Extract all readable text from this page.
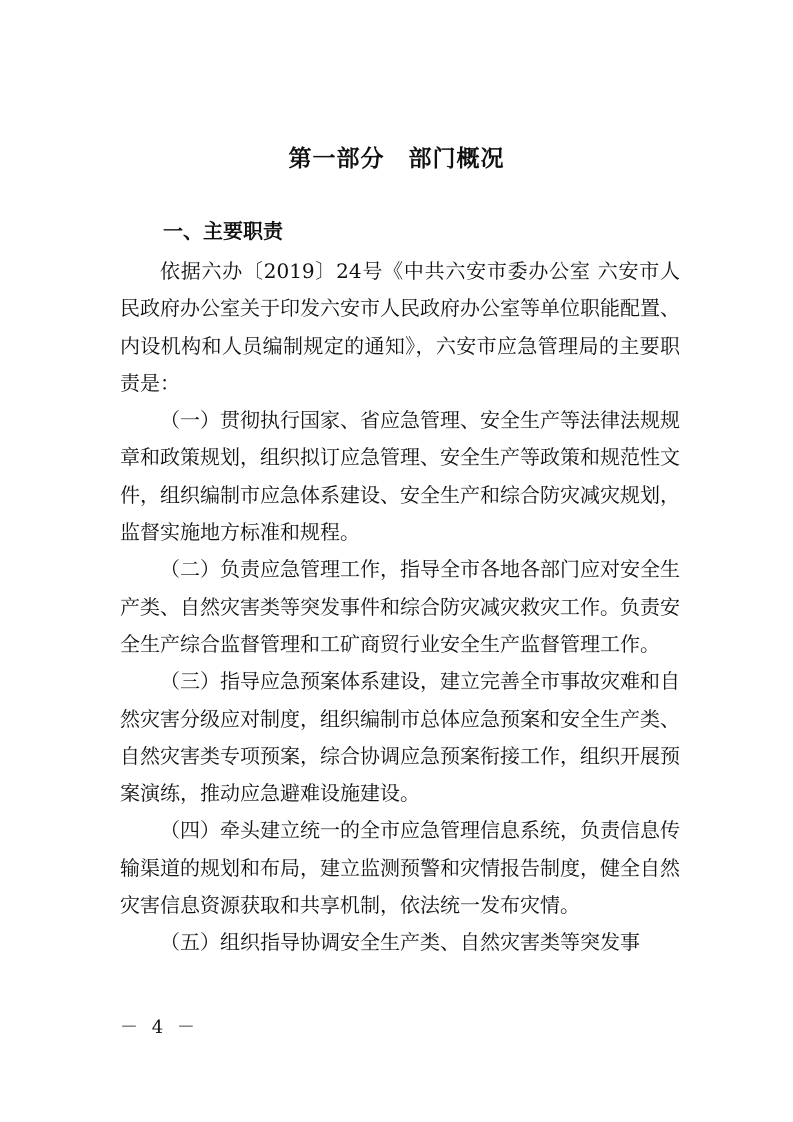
第一部分　部门概况
一、主要职责

依据六办〔2019〕24号《中共六安市委办公室 六安市人民政府办公室关于印发六安市人民政府办公室等单位职能配置、内设机构和人员编制规定的通知》，六安市应急管理局的主要职责是：

（一）贯彻执行国家、省应急管理、安全生产等法律法规规章和政策规划，组织拟订应急管理、安全生产等政策和规范性文件，组织编制市应急体系建设、安全生产和综合防灾减灾规划，监督实施地方标准和规程。

（二）负责应急管理工作，指导全市各地各部门应对安全生产类、自然灾害类等突发事件和综合防灾减灾救灾工作。负责安全生产综合监督管理和工矿商贸行业安全生产监督管理工作。

（三）指导应急预案体系建设，建立完善全市事故灾难和自然灾害分级应对制度，组织编制市总体应急预案和安全生产类、自然灾害类专项预案，综合协调应急预案衔接工作，组织开展预案演练，推动应急避难设施建设。

（四）牵头建立统一的全市应急管理信息系统，负责信息传输渠道的规划和布局，建立监测预警和灾情报告制度，健全自然灾害信息资源获取和共享机制，依法统一发布灾情。

（五）组织指导协调安全生产类、自然灾害类等突发事

－ 4 －
